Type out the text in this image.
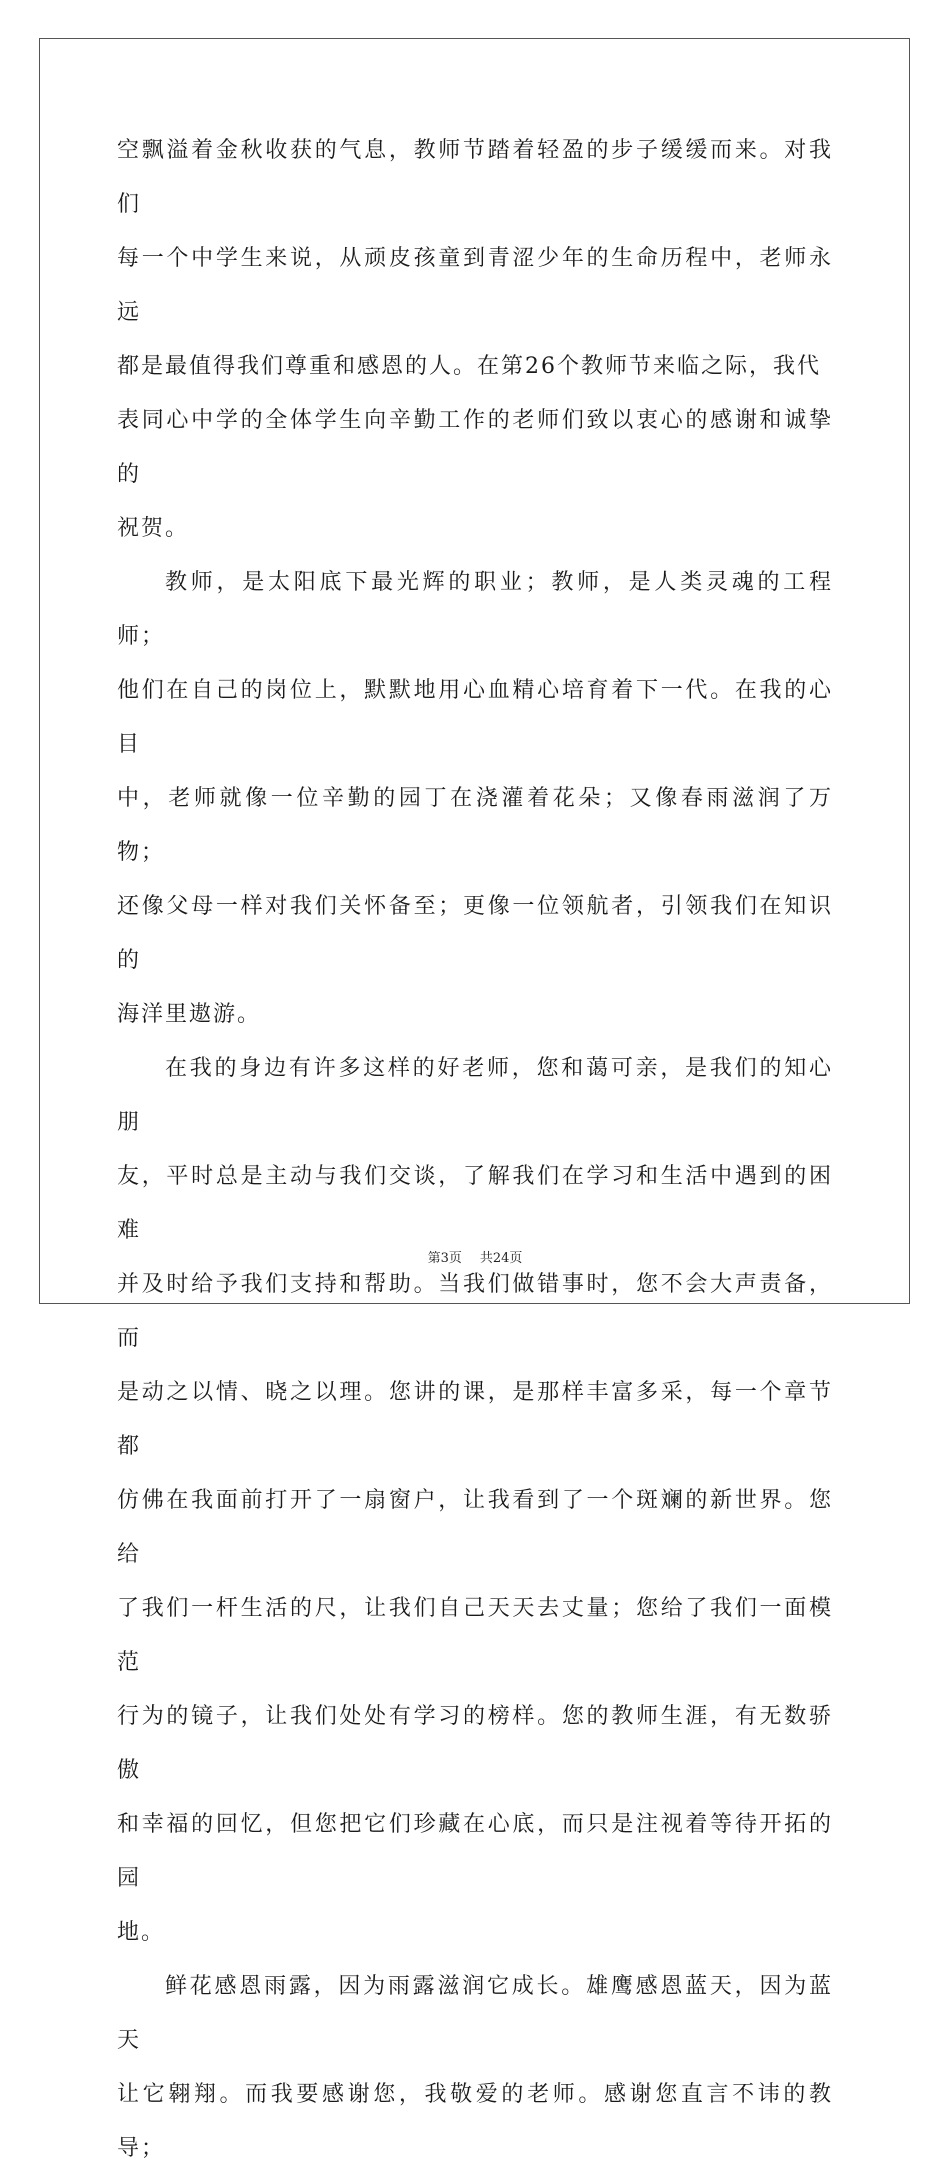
空飘溢着金秋收获的气息，教师节踏着轻盈的步子缓缓而来。对我们
每一个中学生来说，从顽皮孩童到青涩少年的生命历程中，老师永远
都是最值得我们尊重和感恩的人。在第26个教师节来临之际，我代
表同心中学的全体学生向辛勤工作的老师们致以衷心的感谢和诚挚的
祝贺。

教师，是太阳底下最光辉的职业；教师，是人类灵魂的工程师；
他们在自己的岗位上，默默地用心血精心培育着下一代。在我的心目
中，老师就像一位辛勤的园丁在浇灌着花朵；又像春雨滋润了万物；
还像父母一样对我们关怀备至；更像一位领航者，引领我们在知识的
海洋里遨游。

在我的身边有许多这样的好老师，您和蔼可亲，是我们的知心朋
友，平时总是主动与我们交谈，了解我们在学习和生活中遇到的困难
并及时给予我们支持和帮助。当我们做错事时，您不会大声责备，而
是动之以情、晓之以理。您讲的课，是那样丰富多采，每一个章节都
仿佛在我面前打开了一扇窗户，让我看到了一个斑斓的新世界。您给
了我们一杆生活的尺，让我们自己天天去丈量；您给了我们一面模范
行为的镜子，让我们处处有学习的榜样。您的教师生涯，有无数骄傲
和幸福的回忆，但您把它们珍藏在心底，而只是注视着等待开拓的园
地。

鲜花感恩雨露，因为雨露滋润它成长。雄鹰感恩蓝天，因为蓝天
让它翱翔。而我要感谢您，我敬爱的老师。感谢您直言不讳的教导；

第3页 共24页
